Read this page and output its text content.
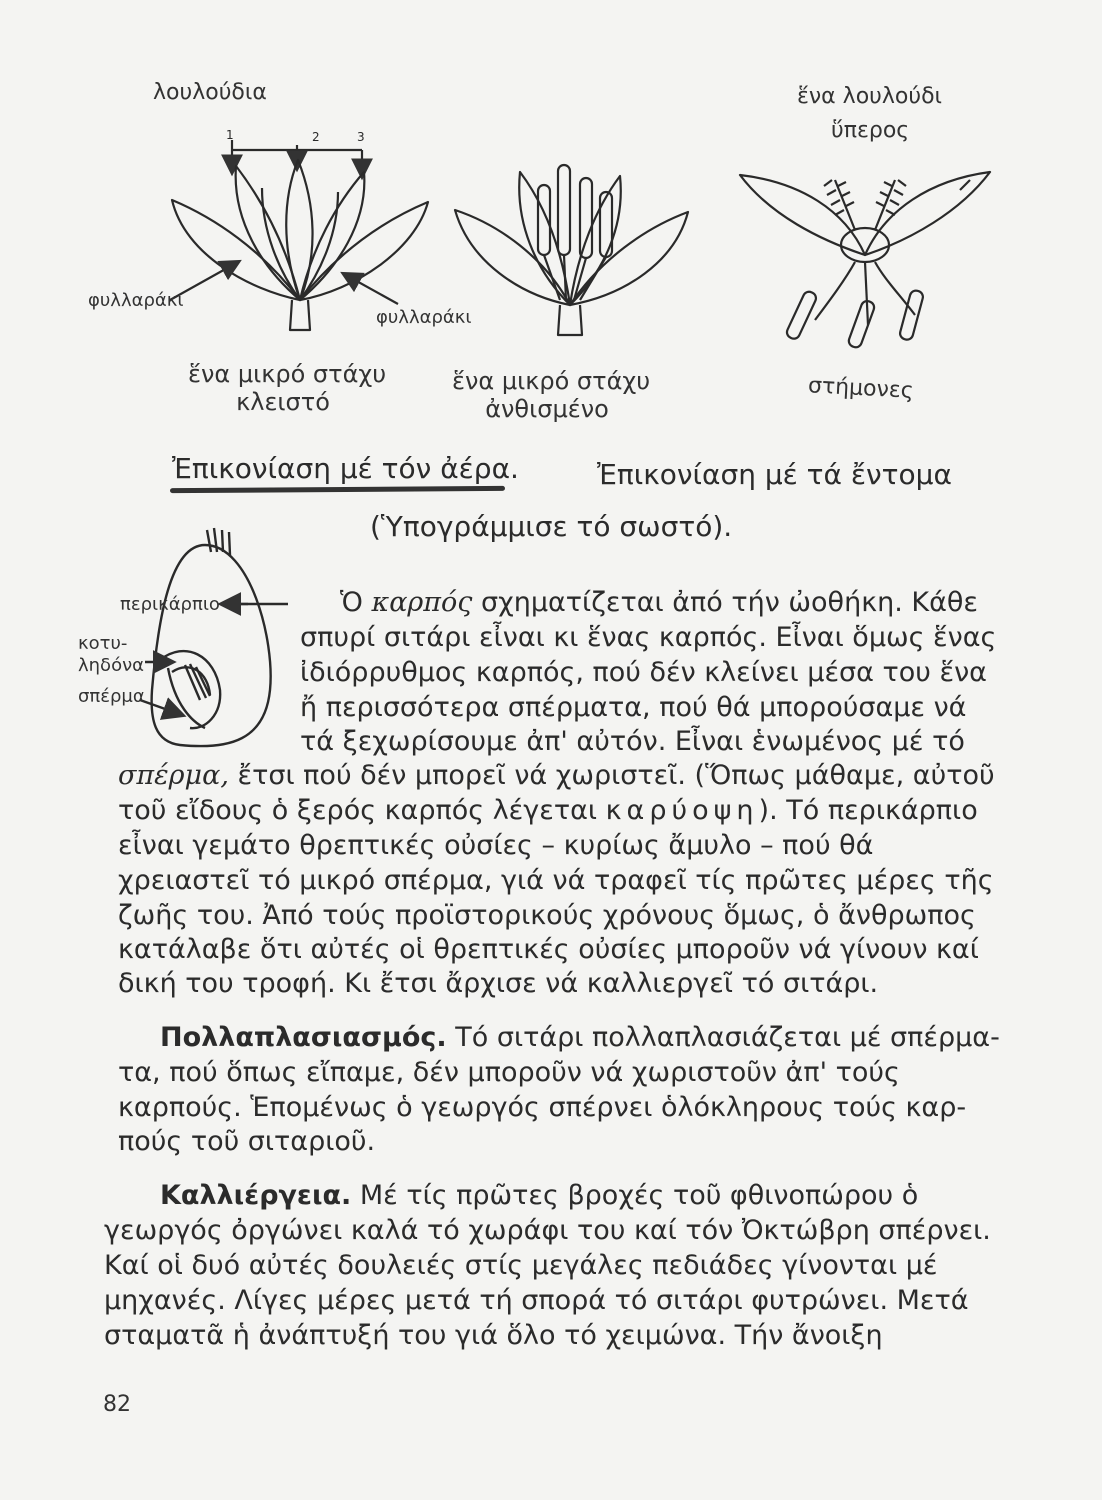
λουλούδια	ἕνα λουλούδι
ὕπερος
1	2	3
φυλλαράκι
φυλλαράκι
ἕνα μικρό στάχυ
κλειστό
ἕνα μικρό στάχυ
ἀνθισμένο
στήμονες
Ἐπικονίαση μέ τόν ἀέρα.	Ἐπικονίαση μέ τά ἔντομα
(Ὑπογράμμισε τό σωστό).
περικάρπιο
κοτυ-
ληδόνα
σπέρμα
Ὁ καρπός σχηματίζεται ἀπό τήν ὠοθήκη. Κάθε
σπυρί σιτάρι εἶναι κι ἕνας καρπός. Εἶναι ὅμως ἕνας
ἰδιόρρυθμος καρπός, πού δέν κλείνει μέσα του ἕνα
ἤ περισσότερα σπέρματα, πού θά μπορούσαμε νά
τά ξεχωρίσουμε ἀπ' αὐτόν. Εἶναι ἑνωμένος μέ τό
σπέρμα, ἔτσι πού δέν μπορεῖ νά χωριστεῖ. (Ὅπως μάθαμε, αὐτοῦ
τοῦ εἴδους ὁ ξερός καρπός λέγεται καρύοψη). Τό περικάρπιο
εἶναι γεμάτο θρεπτικές οὐσίες – κυρίως ἄμυλο – πού θά
χρειαστεῖ τό μικρό σπέρμα, γιά νά τραφεῖ τίς πρῶτες μέρες τῆς
ζωῆς του. Ἀπό τούς προϊστορικούς χρόνους ὅμως, ὁ ἄνθρωπος
κατάλαβε ὅτι αὐτές οἱ θρεπτικές οὐσίες μποροῦν νά γίνουν καί
δική του τροφή. Κι ἔτσι ἄρχισε νά καλλιεργεῖ τό σιτάρι.
Πολλαπλασιασμός. Τό σιτάρι πολλαπλασιάζεται μέ σπέρμα-
τα, πού ὅπως εἴπαμε, δέν μποροῦν νά χωριστοῦν ἀπ' τούς
καρπούς. Ἑπομένως ὁ γεωργός σπέρνει ὁλόκληρους τούς καρ-
πούς τοῦ σιταριοῦ.
Καλλιέργεια. Μέ τίς πρῶτες βροχές τοῦ φθινοπώρου ὁ
γεωργός ὀργώνει καλά τό χωράφι του καί τόν Ὀκτώβρη σπέρνει.
Καί οἱ δυό αὐτές δουλειές στίς μεγάλες πεδιάδες γίνονται μέ
μηχανές. Λίγες μέρες μετά τή σπορά τό σιτάρι φυτρώνει. Μετά
σταματᾶ ἡ ἀνάπτυξή του γιά ὅλο τό χειμώνα. Τήν ἄνοιξη
82
